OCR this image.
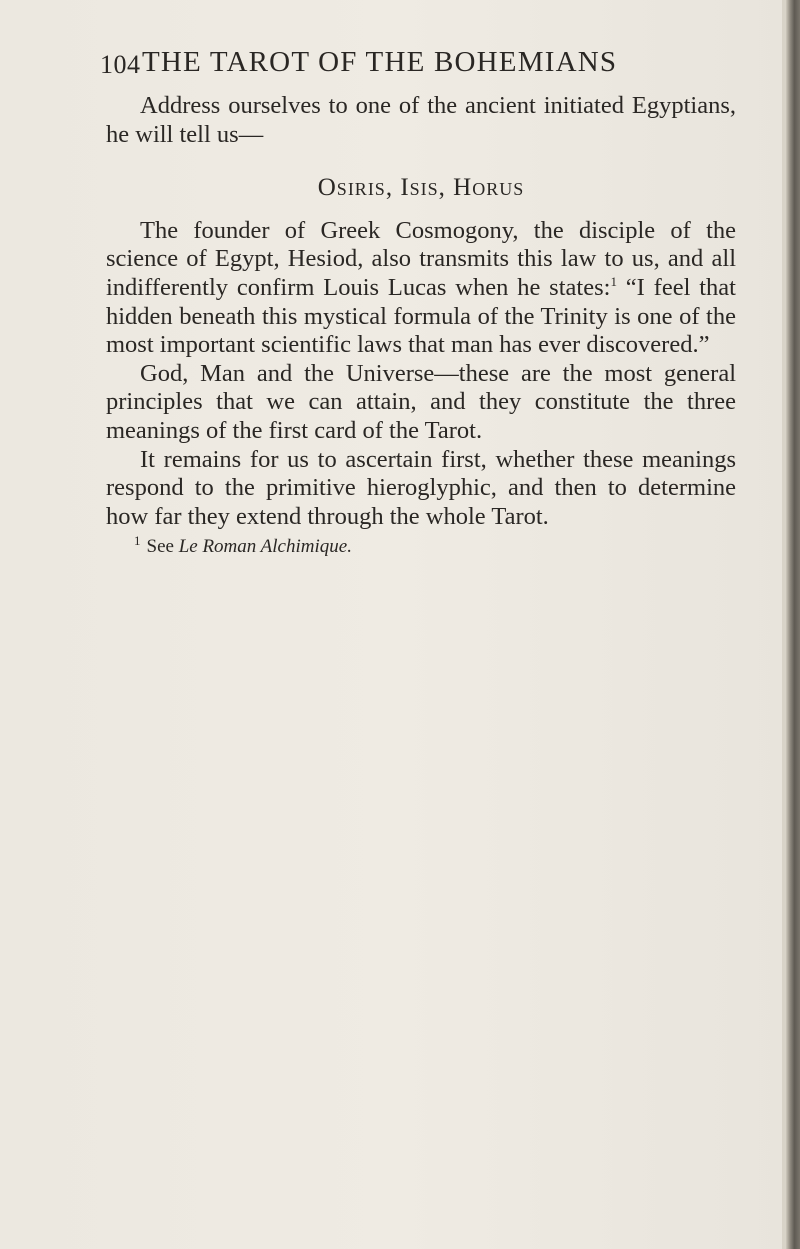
104 THE TAROT OF THE BOHEMIANS

Address ourselves to one of the ancient initiated Egyptians, he will tell us—

Osiris, Isis, Horus

The founder of Greek Cosmogony, the disciple of the science of Egypt, Hesiod, also transmits this law to us, and all indifferently confirm Louis Lucas when he states:$^1$ “I feel that hidden beneath this mystical formula of the Trinity is one of the most important scientific laws that man has ever discovered.”

God, Man and the Universe—these are the most general principles that we can attain, and they constitute the three meanings of the first card of the Tarot.

It remains for us to ascertain first, whether these meanings respond to the primitive hieroglyphic, and then to determine how far they extend through the whole Tarot.

$^1$ See Le Roman Alchimique.
